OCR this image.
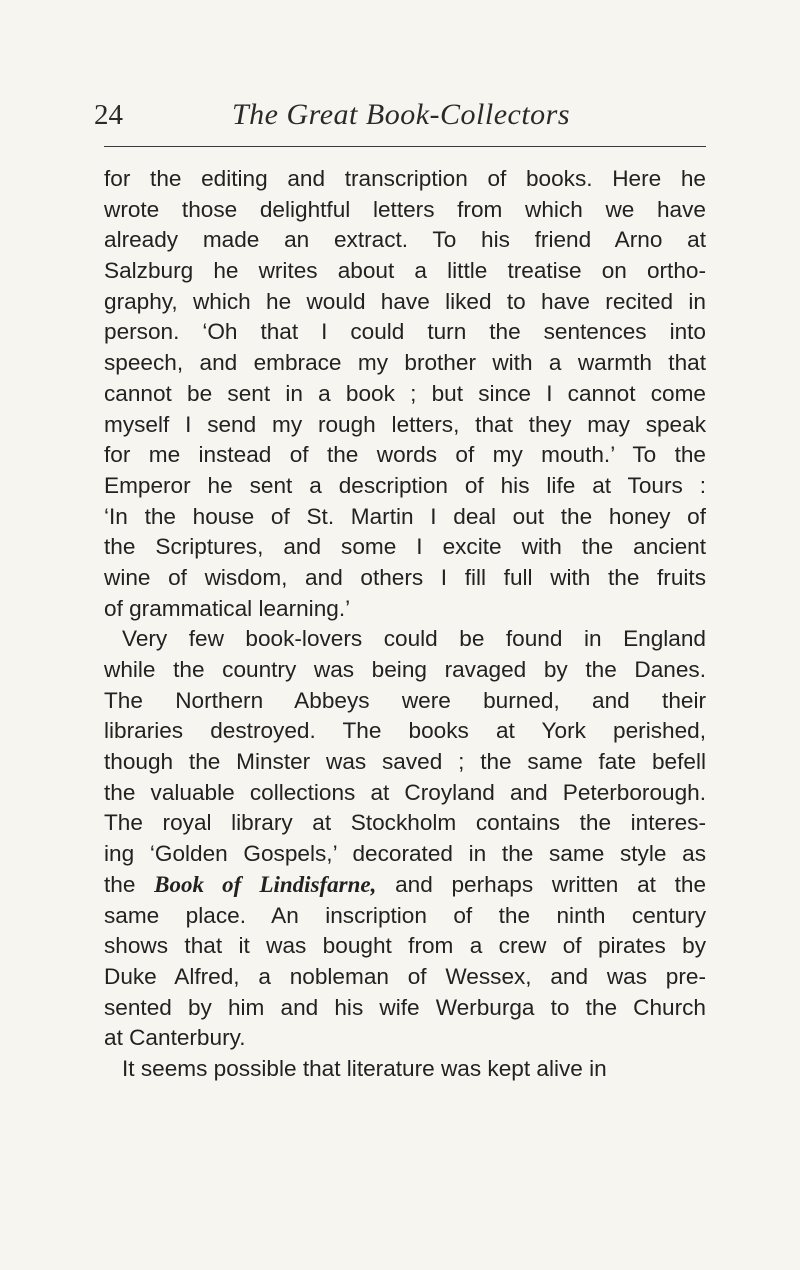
24	The Great Book-Collectors
for the editing and transcription of books. Here he
wrote those delightful letters from which we have
already made an extract. To his friend Arno at
Salzburg he writes about a little treatise on ortho-
graphy, which he would have liked to have recited in
person. ‘Oh that I could turn the sentences into
speech, and embrace my brother with a warmth that
cannot be sent in a book ; but since I cannot come
myself I send my rough letters, that they may speak
for me instead of the words of my mouth.’ To the
Emperor he sent a description of his life at Tours :
‘In the house of St. Martin I deal out the honey of
the Scriptures, and some I excite with the ancient
wine of wisdom, and others I fill full with the fruits
of grammatical learning.’
Very few book-lovers could be found in England
while the country was being ravaged by the Danes.
The Northern Abbeys were burned, and their
libraries destroyed. The books at York perished,
though the Minster was saved ; the same fate befell
the valuable collections at Croyland and Peterborough.
The royal library at Stockholm contains the interes-
ing ‘Golden Gospels,’ decorated in the same style as
the Book of Lindisfarne, and perhaps written at the
same place. An inscription of the ninth century
shows that it was bought from a crew of pirates by
Duke Alfred, a nobleman of Wessex, and was pre-
sented by him and his wife Werburga to the Church
at Canterbury.
It seems possible that literature was kept alive in
